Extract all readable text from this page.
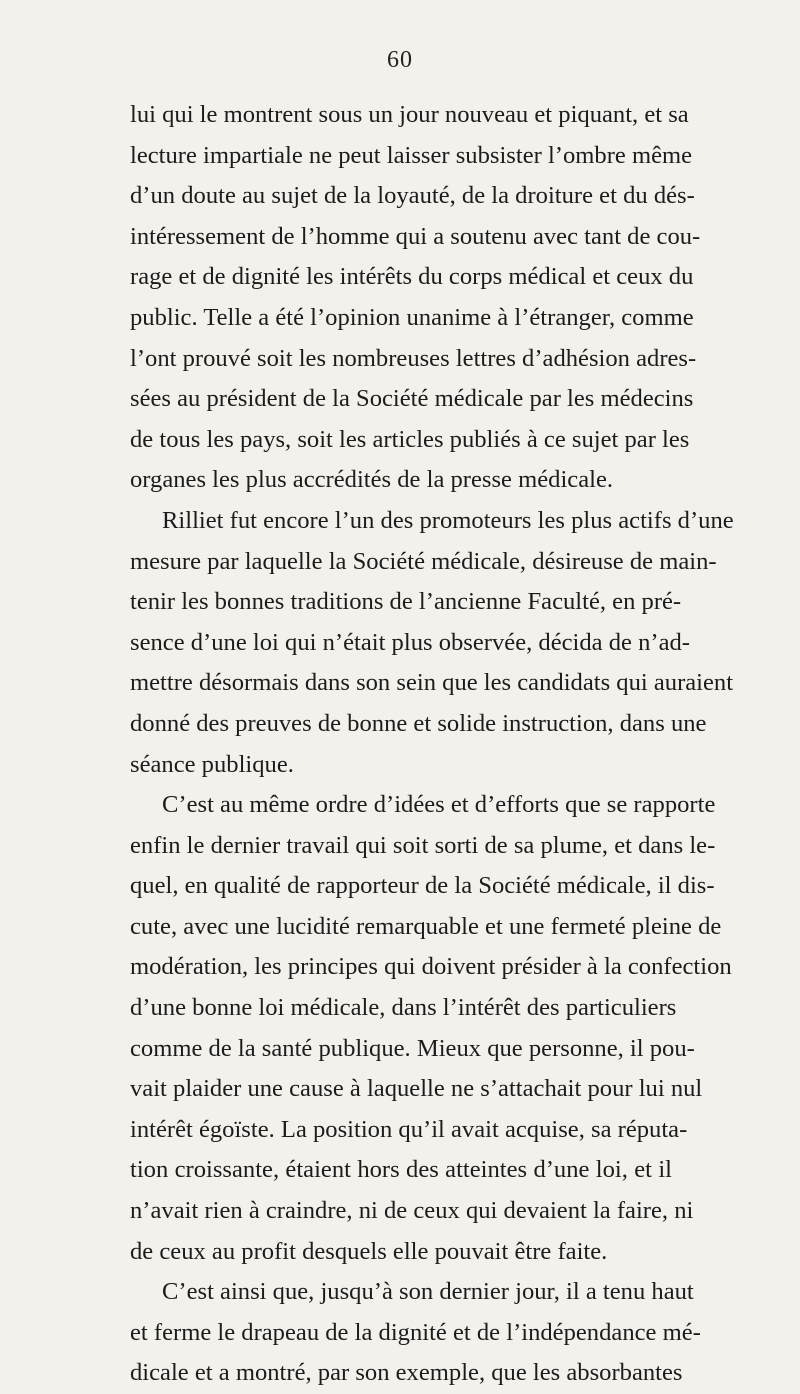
60
lui qui le montrent sous un jour nouveau et piquant, et sa
lecture impartiale ne peut laisser subsister l’ombre même
d’un doute au sujet de la loyauté, de la droiture et du dés-
intéressement de l’homme qui a soutenu avec tant de cou-
rage et de dignité les intérêts du corps médical et ceux du
public. Telle a été l’opinion unanime à l’étranger, comme
l’ont prouvé soit les nombreuses lettres d’adhésion adres-
sées au président de la Société médicale par les médecins
de tous les pays, soit les articles publiés à ce sujet par les
organes les plus accrédités de la presse médicale.
Rilliet fut encore l’un des promoteurs les plus actifs d’une
mesure par laquelle la Société médicale, désireuse de main-
tenir les bonnes traditions de l’ancienne Faculté, en pré-
sence d’une loi qui n’était plus observée, décida de n’ad-
mettre désormais dans son sein que les candidats qui auraient
donné des preuves de bonne et solide instruction, dans une
séance publique.
C’est au même ordre d’idées et d’efforts que se rapporte
enfin le dernier travail qui soit sorti de sa plume, et dans le-
quel, en qualité de rapporteur de la Société médicale, il dis-
cute, avec une lucidité remarquable et une fermeté pleine de
modération, les principes qui doivent présider à la confection
d’une bonne loi médicale, dans l’intérêt des particuliers
comme de la santé publique. Mieux que personne, il pou-
vait plaider une cause à laquelle ne s’attachait pour lui nul
intérêt égoïste. La position qu’il avait acquise, sa réputa-
tion croissante, étaient hors des atteintes d’une loi, et il
n’avait rien à craindre, ni de ceux qui devaient la faire, ni
de ceux au profit desquels elle pouvait être faite.
C’est ainsi que, jusqu’à son dernier jour, il a tenu haut
et ferme le drapeau de la dignité et de l’indépendance mé-
dicale et a montré, par son exemple, que les absorbantes
